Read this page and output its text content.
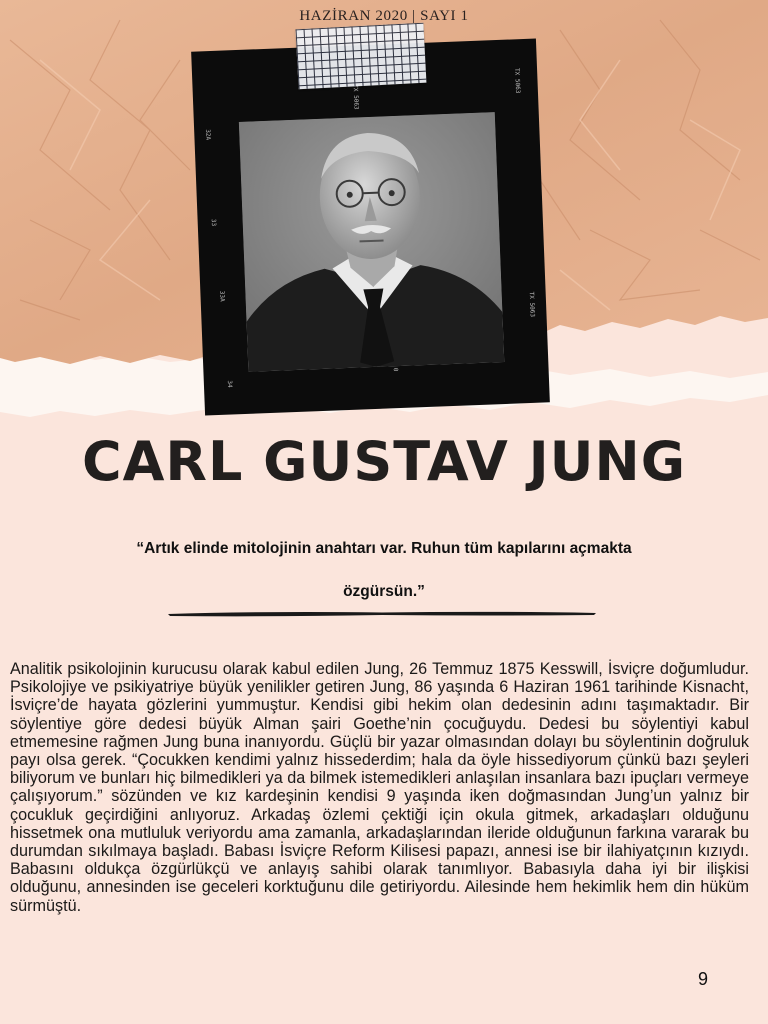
HAZİRAN 2020 | SAYI 1
TX 5063
TX 5063
TX 5063
32A
33
33A
34
0
CARL GUSTAV JUNG

“Artık elinde mitolojinin anahtarı var. Ruhun tüm kapılarını açmakta

özgürsün.”

Analitik psikolojinin kurucusu olarak kabul edilen Jung, 26 Temmuz 1875 Kesswill, İsviçre doğumludur. Psikolojiye ve psikiyatriye büyük yenilikler getiren Jung, 86 yaşında 6 Haziran 1961 tarihinde Kisnacht, İsviçre’de hayata gözlerini yummuştur. Kendisi gibi hekim olan dedesinin adını taşımaktadır. Bir söylentiye göre dedesi büyük Alman şairi Goethe’nin çocuğuydu. Dedesi bu söylentiyi kabul etmemesine rağmen Jung buna inanıyordu. Güçlü bir yazar olmasından dolayı bu söylentinin doğruluk payı olsa gerek. “Çocukken kendimi yalnız hissederdim; hala da öyle hissediyorum çünkü bazı şeyleri biliyorum ve bunları hiç bilmedikleri ya da bilmek istemedikleri anlaşılan insanlara bazı ipuçları vermeye çalışıyorum.” sözünden ve kız kardeşinin kendisi 9 yaşında iken doğmasından Jung’un yalnız bir çocukluk geçirdiğini anlıyoruz. Arkadaş özlemi çektiği için okula gitmek, arkadaşları olduğunu hissetmek ona mutluluk veriyordu ama zamanla, arkadaşlarından ileride olduğunun farkına vararak bu durumdan sıkılmaya başladı. Babası İsviçre Reform Kilisesi papazı, annesi ise bir ilahiyatçının kızıydı. Babasını oldukça özgürlükçü ve anlayış sahibi olarak tanımlıyor. Babasıyla daha iyi bir ilişkisi olduğunu, annesinden ise geceleri korktuğunu dile getiriyordu. Ailesinde hem hekimlik hem din hüküm sürmüştü.

9
